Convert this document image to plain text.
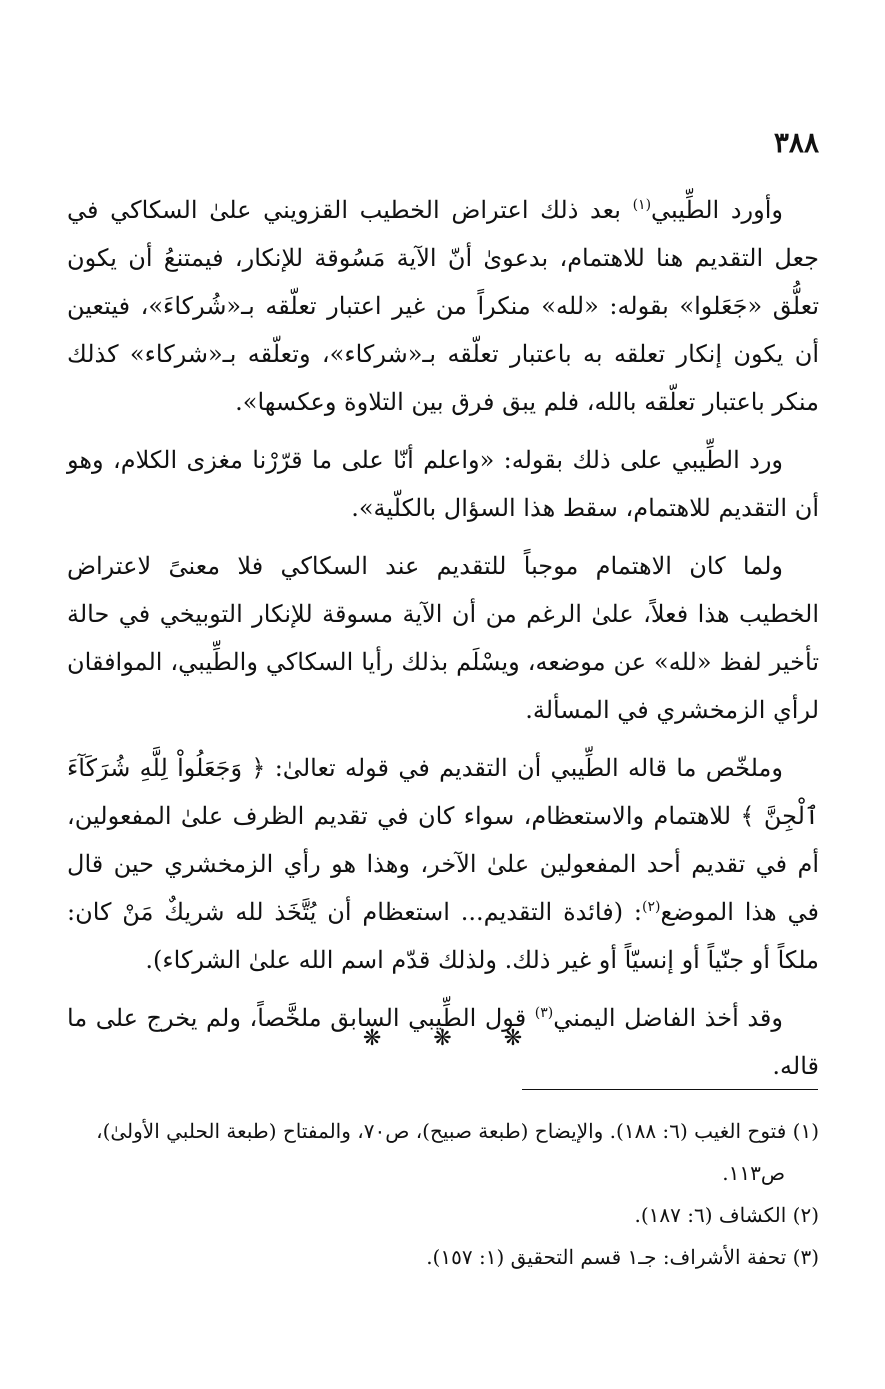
٣٨٨

وأورد الطِّيبي$^{(١)}$ بعد ذلك اعتراض الخطيب القزويني علىٰ السكاكي في جعل التقديم هنا للاهتمام، بدعوىٰ أنّ الآية مَسُوقة للإنكار، فيمتنعُ أن يكون تعلُّق «جَعَلوا» بقوله: «لله» منكراً من غير اعتبار تعلّقه بـ«شُركاءَ»، فيتعين أن يكون إنكار تعلقه به باعتبار تعلّقه بـ«شركاء»، وتعلّقه بـ«شركاء» كذلك منكر باعتبار تعلّقه بالله، فلم يبق فرق بين التلاوة وعكسها».

ورد الطِّيبي على ذلك بقوله: «واعلم أنّا على ما قرّرْنا مغزى الكلام، وهو أن التقديم للاهتمام، سقط هذا السؤال بالكلّية».

ولما كان الاهتمام موجباً للتقديم عند السكاكي فلا معنىً لاعتراض الخطيب هذا فعلاً، علىٰ الرغم من أن الآية مسوقة للإنكار التوبيخي في حالة تأخير لفظ «لله» عن موضعه، ويسْلَم بذلك رأيا السكاكي والطِّيبي، الموافقان لرأي الزمخشري في المسألة.

وملخّص ما قاله الطِّيبي أن التقديم في قوله تعالىٰ: ﴿ وَجَعَلُواْ لِلَّهِ شُرَكَآءَ ٱلْجِنَّ ﴾ للاهتمام والاستعظام، سواء كان في تقديم الظرف علىٰ المفعولين، أم في تقديم أحد المفعولين علىٰ الآخر، وهذا هو رأي الزمخشري حين قال في هذا الموضع$^{(٢)}$: (فائدة التقديم... استعظام أن يُتَّخَذ لله شريكٌ مَنْ كان: ملكاً أو جنّياً أو إنسيّاً أو غير ذلك. ولذلك قدّم اسم الله علىٰ الشركاء).

وقد أخذ الفاضل اليمني$^{(٣)}$ قول الطِّيبي السابق ملخَّصاً، ولم يخرج على ما قاله.

❋ ❋ ❋
(١) فتوح الغيب (٦: ١٨٨). والإيضاح (طبعة صبيح)، ص٧٠، والمفتاح (طبعة الحلبي الأولىٰ)،
ص١١٣.
(٢) الكشاف (٦: ١٨٧).
(٣) تحفة الأشراف: جـ١ قسم التحقيق (١: ١٥٧).
